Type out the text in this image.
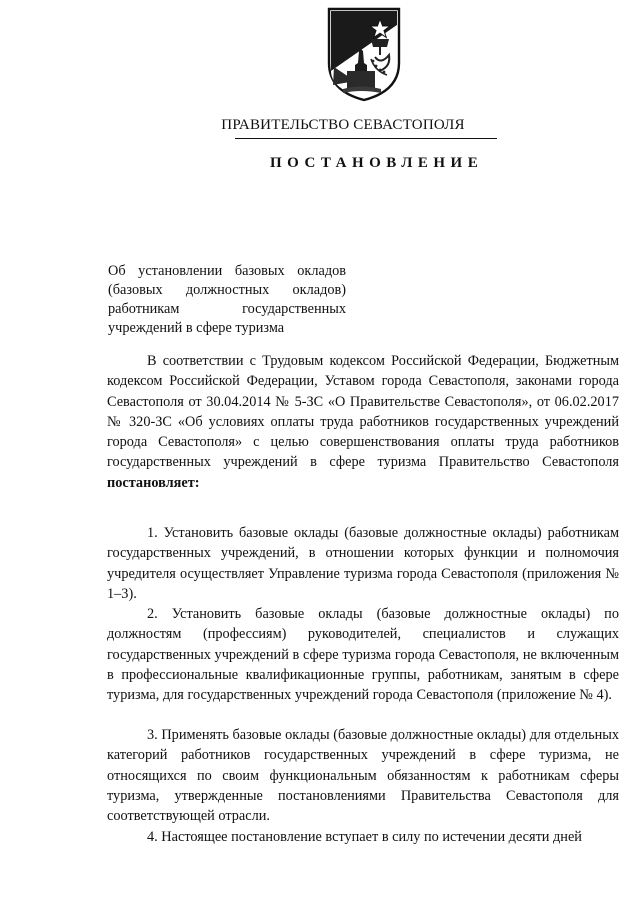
ПРАВИТЕЛЬСТВО СЕВАСТОПОЛЯ
ПОСТАНОВЛЕНИЕ

Об установлении базовых окладов

(базовых должностных окладов)

работникам государственных

учреждений в сфере туризма

В соответствии с Трудовым кодексом Российской Федерации, Бюджетным кодексом Российской Федерации, Уставом города Севастополя, законами города Севастополя от 30.04.2014 № 5-ЗС «О Правительстве Севастополя», от 06.02.2017 № 320-ЗС «Об условиях оплаты труда работников государственных учреждений города Севастополя» с целью совершенствования оплаты труда работников государственных учреждений в сфере туризма Правительство Севастополя постановляет:

1. Установить базовые оклады (базовые должностные оклады) работникам государственных учреждений, в отношении которых функции и полномочия учредителя осуществляет Управление туризма города Севастополя (приложения № 1–3).

2. Установить базовые оклады (базовые должностные оклады) по должностям (профессиям) руководителей, специалистов и служащих государственных учреждений в сфере туризма города Севастополя, не включенным в профессиональные квалификационные группы, работникам, занятым в сфере туризма, для государственных учреждений города Севастополя (приложение № 4).

3. Применять базовые оклады (базовые должностные оклады) для отдельных категорий работников государственных учреждений в сфере туризма, не относящихся по своим функциональным обязанностям к работникам сферы туризма, утвержденные постановлениями Правительства Севастополя для соответствующей отрасли.

4. Настоящее постановление вступает в силу по истечении десяти дней
